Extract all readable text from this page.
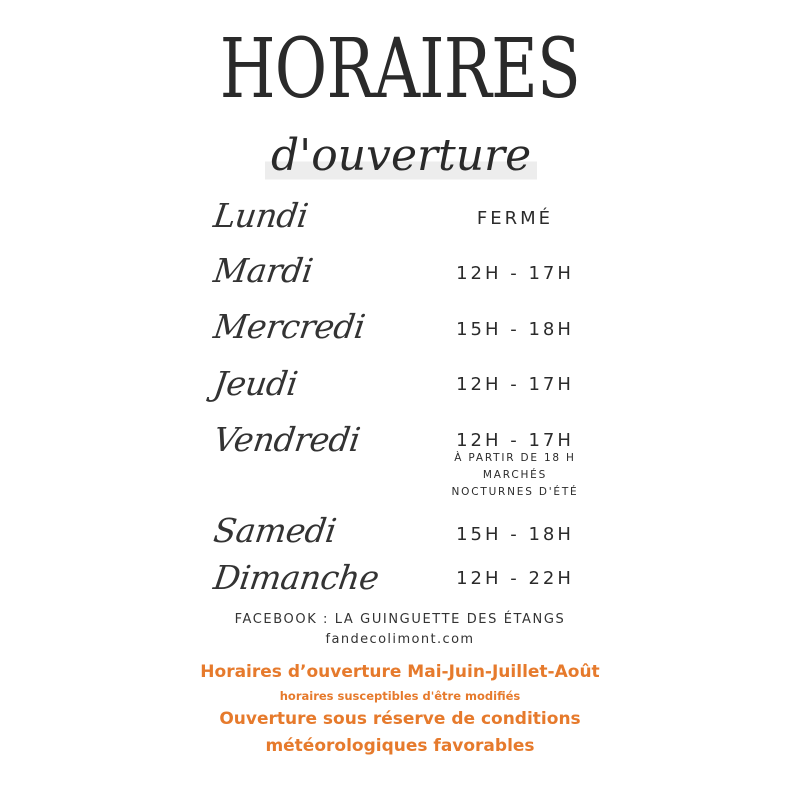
HORAIRES
d'ouverture
Lundi	FERMÉ
Mardi	12H - 17H
Mercredi	15H - 18H
Jeudi	12H - 17H
Vendredi	12H - 17H
À PARTIR DE 18 H
MARCHÉS
NOCTURNES D'ÉTÉ
Samedi	15H - 18H
Dimanche	12H - 22H
FACEBOOK : LA GUINGUETTE DES ÉTANGS
fandecolimont.com
Horaires d’ouverture Mai-Juin-Juillet-Août
horaires susceptibles d'être modifiés
Ouverture sous réserve de conditions
météorologiques favorables
